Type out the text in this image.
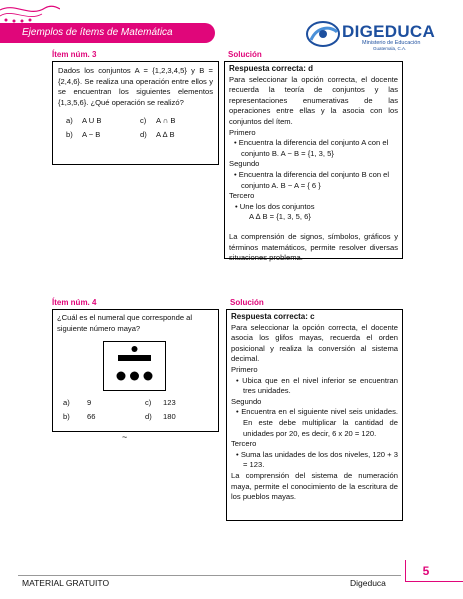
Ejemplos de ítems de Matemática	DIGEDUCA
Ministerio de Educación
Guatemala, C.A.
Ítem núm. 3	Solución
Dados los conjuntos A = {1,2,3,4,5} y B = {2,4,6}. Se realiza una operación entre ellos y se encuentran los siguientes elementos {1,3,5,6}. ¿Qué operación se realizó?
a)	A U B	c)	A ∩ B
b)	A − B	d)	A ∆ B
Respuesta correcta: d
Para seleccionar la opción correcta, el docente recuerda la teoría de conjuntos y las representaciones enumerativas de las operaciones entre ellas y la asocia con los conjuntos del ítem.
Primero
• Encuentra la diferencia del conjunto A con el conjunto B. A − B = {1, 3, 5}
Segundo
• Encuentra la diferencia del conjunto B con el conjunto A. B − A = { 6 }
Tercero
• Une los dos conjuntos
A ∆ B = {1, 3, 5, 6}
La comprensión de signos, símbolos, gráficos y términos matemáticos, permite resolver diversas situaciones problema.
Ítem núm. 4	Solución
¿Cuál es el numeral que corresponde al siguiente número maya?
a)	9	c)	123
b)	66	d)	180
~
Respuesta correcta: c
Para seleccionar la opción correcta, el docente asocia los glifos mayas, recuerda el orden posicional y realiza la conversión al sistema decimal.
Primero
• Ubica que en el nivel inferior se encuentran tres unidades.
Segundo
• Encuentra en el siguiente nivel seis unidades. En este debe multiplicar la cantidad de unidades por 20, es decir, 6 x 20 = 120.
Tercero
• Suma las unidades de los dos niveles, 120 + 3 = 123.
La comprensión del sistema de numeración maya, permite el conocimiento de la escritura de los pueblos mayas.
MATERIAL GRATUITO	Digeduca
5
